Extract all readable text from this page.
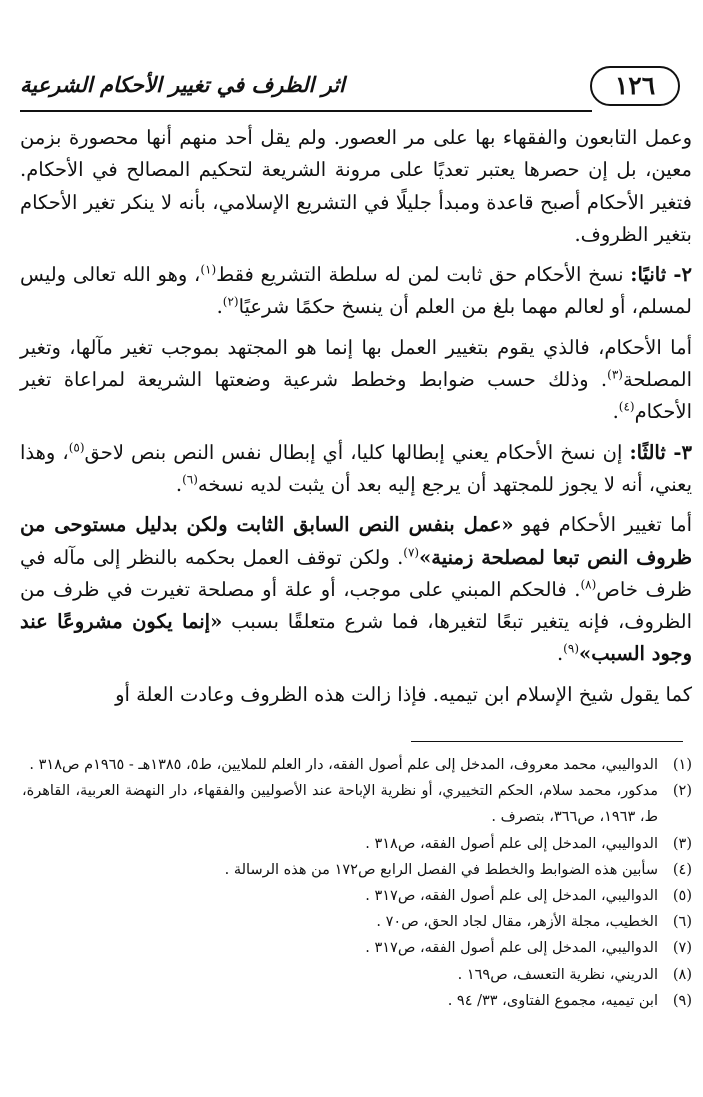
١٢٦
اثر الظرف في تغيير الأحكام الشرعية

وعمل التابعون والفقهاء بها على مر العصور. ولم يقل أحد منهم أنها محصورة بزمن معين، بل إن حصرها يعتبر تعديًا على مرونة الشريعة لتحكيم المصالح في الأحكام. فتغير الأحكام أصبح قاعدة ومبدأ جليلًا في التشريع الإسلامي، بأنه لا ينكر تغير الأحكام بتغير الظروف.

٢- ثانيًا: نسخ الأحكام حق ثابت لمن له سلطة التشريع فقط$^{(١)}$، وهو الله تعالى وليس لمسلم، أو لعالم مهما بلغ من العلم أن ينسخ حكمًا شرعيًا$^{(٢)}$.

أما الأحكام، فالذي يقوم بتغيير العمل بها إنما هو المجتهد بموجب تغير مآلها، وتغير المصلحة$^{(٣)}$. وذلك حسب ضوابط وخطط شرعية وضعتها الشريعة لمراعاة تغير الأحكام$^{(٤)}$.

٣- ثالثًا: إن نسخ الأحكام يعني إبطالها كليا، أي إبطال نفس النص بنص لاحق$^{(٥)}$، وهذا يعني، أنه لا يجوز للمجتهد أن يرجع إليه بعد أن يثبت لديه نسخه$^{(٦)}$.

أما تغيير الأحكام فهو «عمل بنفس النص السابق الثابت ولكن بدليل مستوحى من ظروف النص تبعا لمصلحة زمنية»$^{(٧)}$. ولكن توقف العمل بحكمه بالنظر إلى مآله في ظرف خاص$^{(٨)}$. فالحكم المبني على موجب، أو علة أو مصلحة تغيرت في ظرف من الظروف، فإنه يتغير تبعًا لتغيرها، فما شرع متعلقًا بسبب «إنما يكون مشروعًا عند وجود السبب»$^{(٩)}$.

كما يقول شيخ الإسلام ابن تيميه. فإذا زالت هذه الظروف وعادت العلة أو

(١)
الدواليبي، محمد معروف، المدخل إلى علم أصول الفقه، دار العلم للملايين، ط٥، ١٣٨٥هـ - ١٩٦٥م ص٣١٨ .
(٢)
مدكور، محمد سلام، الحكم التخييري، أو نظرية الإباحة عند الأصوليين والفقهاء، دار النهضة العربية، القاهرة، ط، ١٩٦٣، ص٣٦٦، بتصرف .
(٣)
الدواليبي، المدخل إلى علم أصول الفقه، ص٣١٨ .
(٤)
سأبين هذه الضوابط والخطط في الفصل الرابع ص١٧٢ من هذه الرسالة .
(٥)
الدواليبي، المدخل إلى علم أصول الفقه، ص٣١٧ .
(٦)
الخطيب، مجلة الأزهر، مقال لجاد الحق، ص٧٠ .
(٧)
الدواليبي، المدخل إلى علم أصول الفقه، ص٣١٧ .
(٨)
الدريني، نظرية التعسف، ص١٦٩ .
(٩)
ابن تيميه، مجموع الفتاوى، ٣٣/ ٩٤ .
